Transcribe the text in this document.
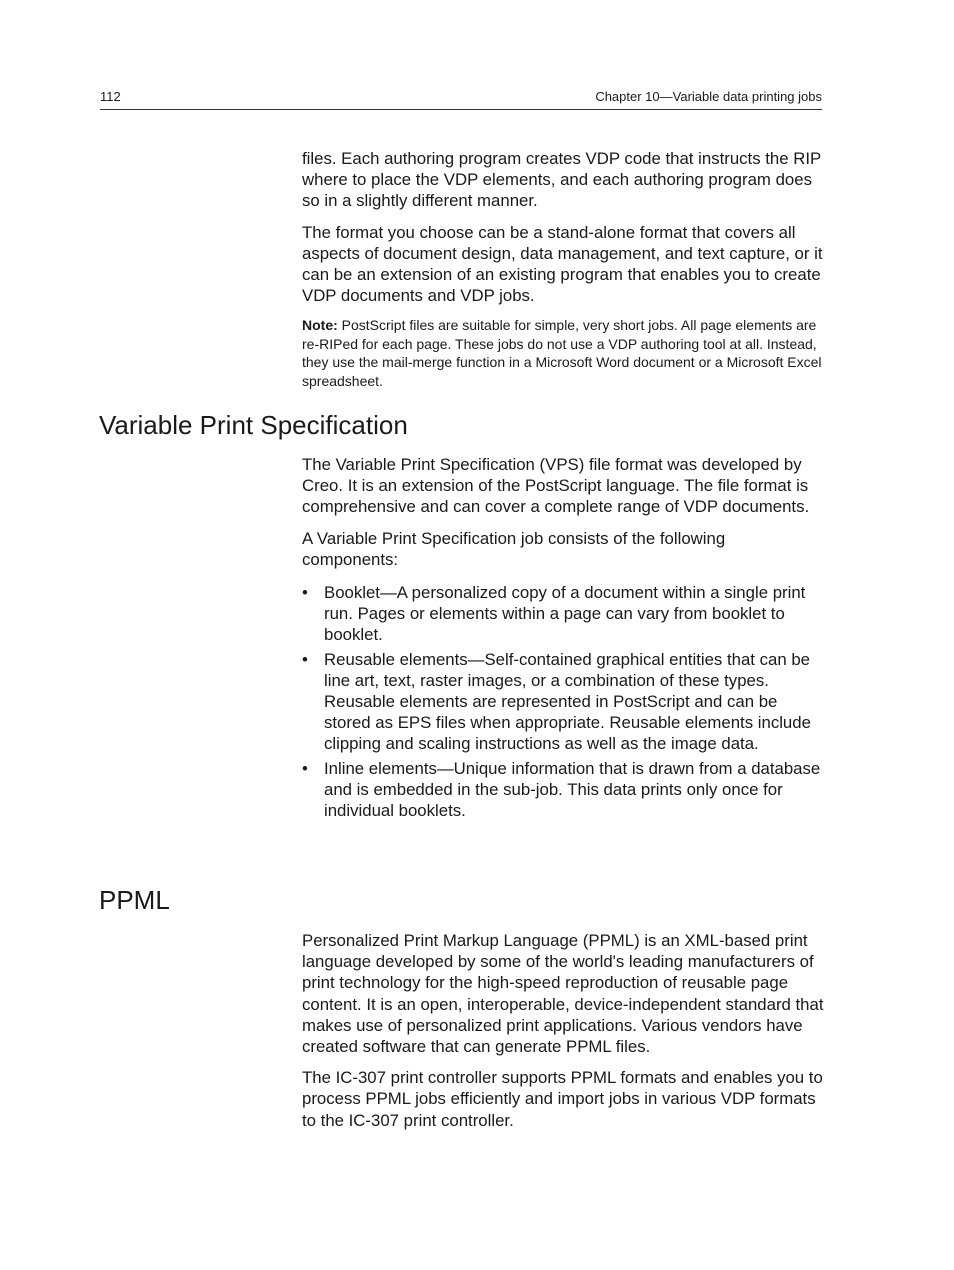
112	Chapter 10—Variable data printing jobs

files. Each authoring program creates VDP code that instructs the RIP where to place the VDP elements, and each authoring program does so in a slightly different manner.

The format you choose can be a stand-alone format that covers all aspects of document design, data management, and text capture, or it can be an extension of an existing program that enables you to create VDP documents and VDP jobs.

Note: PostScript files are suitable for simple, very short jobs. All page elements are re-RIPed for each page. These jobs do not use a VDP authoring tool at all. Instead, they use the mail-merge function in a Microsoft Word document or a Microsoft Excel spreadsheet.

Variable Print Specification

The Variable Print Specification (VPS) file format was developed by Creo. It is an extension of the PostScript language. The file format is comprehensive and can cover a complete range of VDP documents.

A Variable Print Specification job consists of the following components:

• Booklet—A personalized copy of a document within a single print run. Pages or elements within a page can vary from booklet to booklet.
• Reusable elements—Self-contained graphical entities that can be line art, text, raster images, or a combination of these types. Reusable elements are represented in PostScript and can be stored as EPS files when appropriate. Reusable elements include clipping and scaling instructions as well as the image data.
• Inline elements—Unique information that is drawn from a database and is embedded in the sub-job. This data prints only once for individual booklets.
PPML

Personalized Print Markup Language (PPML) is an XML-based print language developed by some of the world's leading manufacturers of print technology for the high-speed reproduction of reusable page content. It is an open, interoperable, device-independent standard that makes use of personalized print applications. Various vendors have created software that can generate PPML files.

The IC-307 print controller supports PPML formats and enables you to process PPML jobs efficiently and import jobs in various VDP formats to the IC-307 print controller.
